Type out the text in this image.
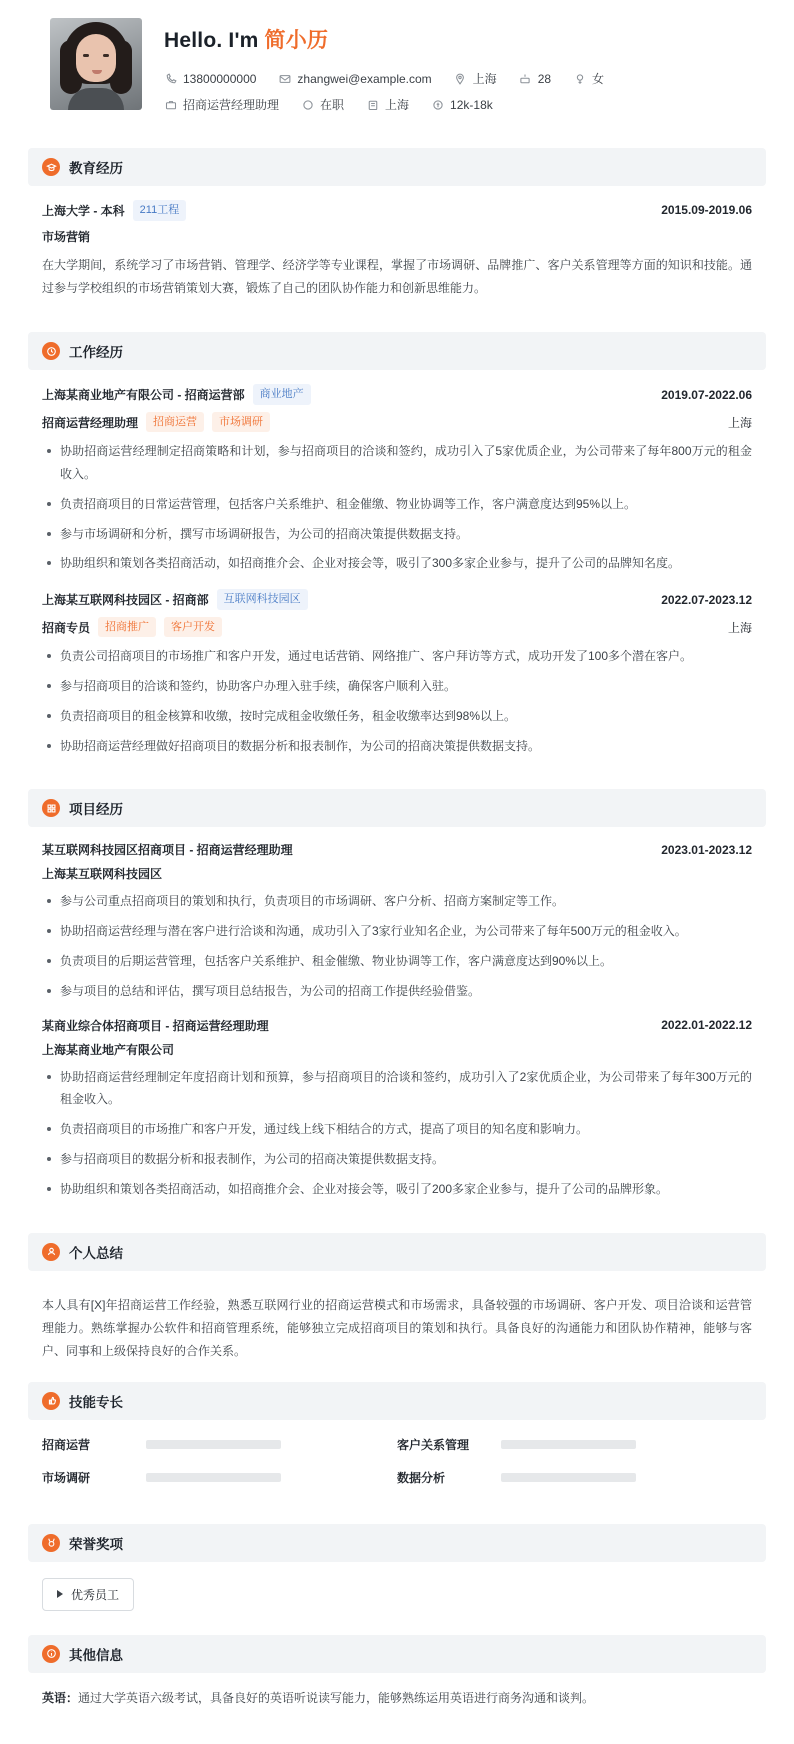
Hello. I'm 简小历
13800000000	zhangwei@example.com	上海	28	女
招商运营经理助理	在职	上海	12k-18k
教育经历
上海大学 - 本科	211工程	2015.09-2019.06
市场营销
在大学期间，系统学习了市场营销、管理学、经济学等专业课程，掌握了市场调研、品牌推广、客户关系管理等方面的知识和技能。通过参与学校组织的市场营销策划大赛，锻炼了自己的团队协作能力和创新思维能力。
工作经历
上海某商业地产有限公司 - 招商运营部	商业地产	2019.07-2022.06
招商运营经理助理	招商运营	市场调研	上海
协助招商运营经理制定招商策略和计划，参与招商项目的洽谈和签约，成功引入了5家优质企业，为公司带来了每年800万元的租金收入。
负责招商项目的日常运营管理，包括客户关系维护、租金催缴、物业协调等工作，客户满意度达到95%以上。
参与市场调研和分析，撰写市场调研报告，为公司的招商决策提供数据支持。
协助组织和策划各类招商活动，如招商推介会、企业对接会等，吸引了300多家企业参与，提升了公司的品牌知名度。
上海某互联网科技园区 - 招商部	互联网科技园区	2022.07-2023.12
招商专员	招商推广	客户开发	上海
负责公司招商项目的市场推广和客户开发，通过电话营销、网络推广、客户拜访等方式，成功开发了100多个潜在客户。
参与招商项目的洽谈和签约，协助客户办理入驻手续，确保客户顺利入驻。
负责招商项目的租金核算和收缴，按时完成租金收缴任务，租金收缴率达到98%以上。
协助招商运营经理做好招商项目的数据分析和报表制作，为公司的招商决策提供数据支持。
项目经历
某互联网科技园区招商项目 - 招商运营经理助理	2023.01-2023.12
上海某互联网科技园区
参与公司重点招商项目的策划和执行，负责项目的市场调研、客户分析、招商方案制定等工作。
协助招商运营经理与潜在客户进行洽谈和沟通，成功引入了3家行业知名企业，为公司带来了每年500万元的租金收入。
负责项目的后期运营管理，包括客户关系维护、租金催缴、物业协调等工作，客户满意度达到90%以上。
参与项目的总结和评估，撰写项目总结报告，为公司的招商工作提供经验借鉴。
某商业综合体招商项目 - 招商运营经理助理	2022.01-2022.12
上海某商业地产有限公司
协助招商运营经理制定年度招商计划和预算，参与招商项目的洽谈和签约，成功引入了2家优质企业，为公司带来了每年300万元的租金收入。
负责招商项目的市场推广和客户开发，通过线上线下相结合的方式，提高了项目的知名度和影响力。
参与招商项目的数据分析和报表制作，为公司的招商决策提供数据支持。
协助组织和策划各类招商活动，如招商推介会、企业对接会等，吸引了200多家企业参与，提升了公司的品牌形象。
个人总结
本人具有[X]年招商运营工作经验，熟悉互联网行业的招商运营模式和市场需求，具备较强的市场调研、客户开发、项目洽谈和运营管理能力。熟练掌握办公软件和招商管理系统，能够独立完成招商项目的策划和执行。具备良好的沟通能力和团队协作精神，能够与客户、同事和上级保持良好的合作关系。
技能专长
招商运营	客户关系管理
市场调研	数据分析
荣誉奖项
优秀员工
其他信息

英语：通过大学英语六级考试，具备良好的英语听说读写能力，能够熟练运用英语进行商务沟通和谈判。
